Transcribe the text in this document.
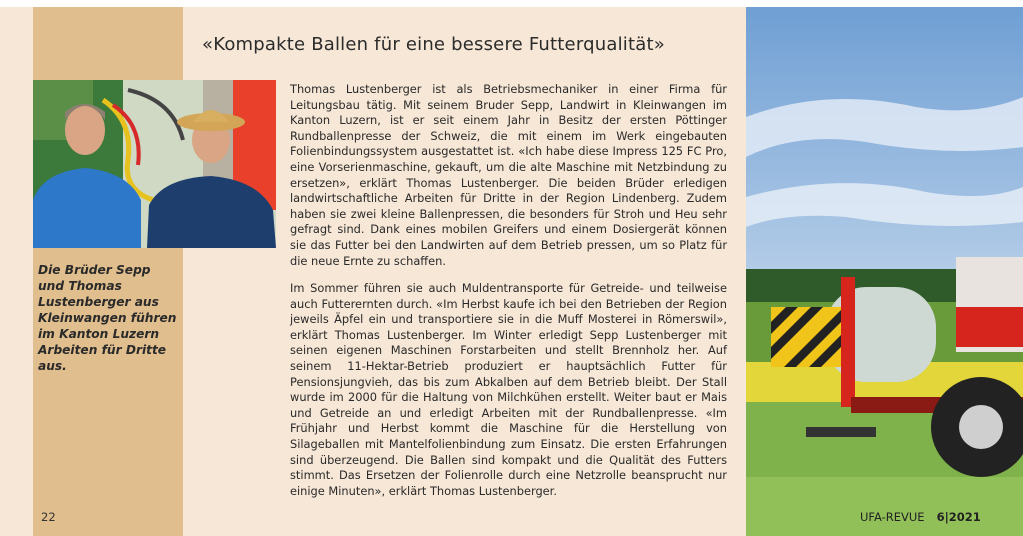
«Kompakte Ballen für eine bessere Futterqualität»
Die Brüder Sepp und Thomas Lustenberger aus Kleinwangen führen im Kanton Luzern Arbeiten für Dritte aus.
Thomas Lustenberger ist als Betriebsmechaniker in einer Firma für Leitungsbau tätig. Mit seinem Bruder Sepp, Landwirt in Kleinwangen im Kanton Luzern, ist er seit einem Jahr in Besitz der ersten Pöttinger Rundballenpresse der Schweiz, die mit einem im Werk eingebauten Folienbindungssystem ausgestattet ist. «Ich habe diese Impress 125 FC Pro, eine Vorserienmaschine, gekauft, um die alte Maschine mit Netzbindung zu ersetzen», erklärt Thomas Lustenberger. Die beiden Brüder erledigen landwirtschaftliche Arbeiten für Dritte in der Region Lindenberg. Zudem haben sie zwei kleine Ballenpressen, die besonders für Stroh und Heu sehr gefragt sind. Dank eines mobilen Greifers und einem Dosiergerät können sie das Futter bei den Landwirten auf dem Betrieb pressen, um so Platz für die neue Ernte zu schaffen.
Im Sommer führen sie auch Muldentransporte für Getreide- und teilweise auch Futterernten durch. «Im Herbst kaufe ich bei den Betrieben der Region jeweils Äpfel ein und transportiere sie in die Muff Mosterei in Römerswil», erklärt Thomas Lustenberger. Im Winter erledigt Sepp Lustenberger mit seinen eigenen Maschinen Forstarbeiten und stellt Brennholz her. Auf seinem 11-Hektar-Betrieb produziert er hauptsächlich Futter für Pensionsjungvieh, das bis zum Abkalben auf dem Betrieb bleibt. Der Stall wurde im 2000 für die Haltung von Milchkühen erstellt. Weiter baut er Mais und Getreide an und erledigt Arbeiten mit der Rundballenpresse. «Im Frühjahr und Herbst kommt die Maschine für die Herstellung von Silageballen mit Mantelfolienbindung zum Einsatz. Die ersten Erfahrungen sind überzeugend. Die Ballen sind kompakt und die Qualität des Futters stimmt. Das Ersetzen der Folienrolle durch eine Netzrolle beansprucht nur einige Minuten», erklärt Thomas Lustenberger.
22	UFA-REVUE 6|2021
